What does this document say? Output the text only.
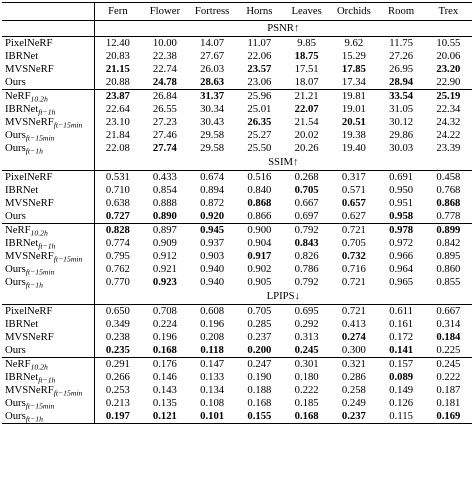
	Fern	Flower	Fortress	Horns	Leaves	Orchids	Room	Trex
	PSNR↑							
PixelNeRF	12.40	10.00	14.07	11.07	9.85	9.62	11.75	10.55
IBRNet	20.83	22.38	27.67	22.06	18.75	15.29	27.26	20.06
MVSNeRF	21.15	22.74	26.03	23.57	17.51	17.85	26.95	23.20
Ours	20.88	24.78	28.63	23.06	18.07	17.34	28.94	22.90
NeRF$_{10.2h}$	23.87	26.84	31.37	25.96	21.21	19.81	33.54	25.19
IBRNet$_{ft-1h}$	22.64	26.55	30.34	25.01	22.07	19.01	31.05	22.34
MVSNeRF$_{ft-15min}$	23.10	27.23	30.43	26.35	21.54	20.51	30.12	24.32
Ours$_{ft-15min}$	21.84	27.46	29.58	25.27	20.02	19.38	29.86	24.22
Ours$_{ft-1h}$	22.08	27.74	29.58	25.50	20.26	19.40	30.03	23.39
	SSIM↑							
PixelNeRF	0.531	0.433	0.674	0.516	0.268	0.317	0.691	0.458
IBRNet	0.710	0.854	0.894	0.840	0.705	0.571	0.950	0.768
MVSNeRF	0.638	0.888	0.872	0.868	0.667	0.657	0.951	0.868
Ours	0.727	0.890	0.920	0.866	0.697	0.627	0.958	0.778
NeRF$_{10.2h}$	0.828	0.897	0.945	0.900	0.792	0.721	0.978	0.899
IBRNet$_{ft-1h}$	0.774	0.909	0.937	0.904	0.843	0.705	0.972	0.842
MVSNeRF$_{ft-15min}$	0.795	0.912	0.903	0.917	0.826	0.732	0.966	0.895
Ours$_{ft-15min}$	0.762	0.921	0.940	0.902	0.786	0.716	0.964	0.860
Ours$_{ft-1h}$	0.770	0.923	0.940	0.905	0.792	0.721	0.965	0.855
	LPIPS↓							
PixelNeRF	0.650	0.708	0.608	0.705	0.695	0.721	0.611	0.667
IBRNet	0.349	0.224	0.196	0.285	0.292	0.413	0.161	0.314
MVSNeRF	0.238	0.196	0.208	0.237	0.313	0.274	0.172	0.184
Ours	0.235	0.168	0.118	0.200	0.245	0.300	0.141	0.225
NeRF$_{10.2h}$	0.291	0.176	0.147	0.247	0.301	0.321	0.157	0.245
IBRNet$_{ft-1h}$	0.266	0.146	0.133	0.190	0.180	0.286	0.089	0.222
MVSNeRF$_{ft-15min}$	0.253	0.143	0.134	0.188	0.222	0.258	0.149	0.187
Ours$_{ft-15min}$	0.213	0.135	0.108	0.168	0.185	0.249	0.126	0.181
Ours$_{ft-1h}$	0.197	0.121	0.101	0.155	0.168	0.237	0.115	0.169
